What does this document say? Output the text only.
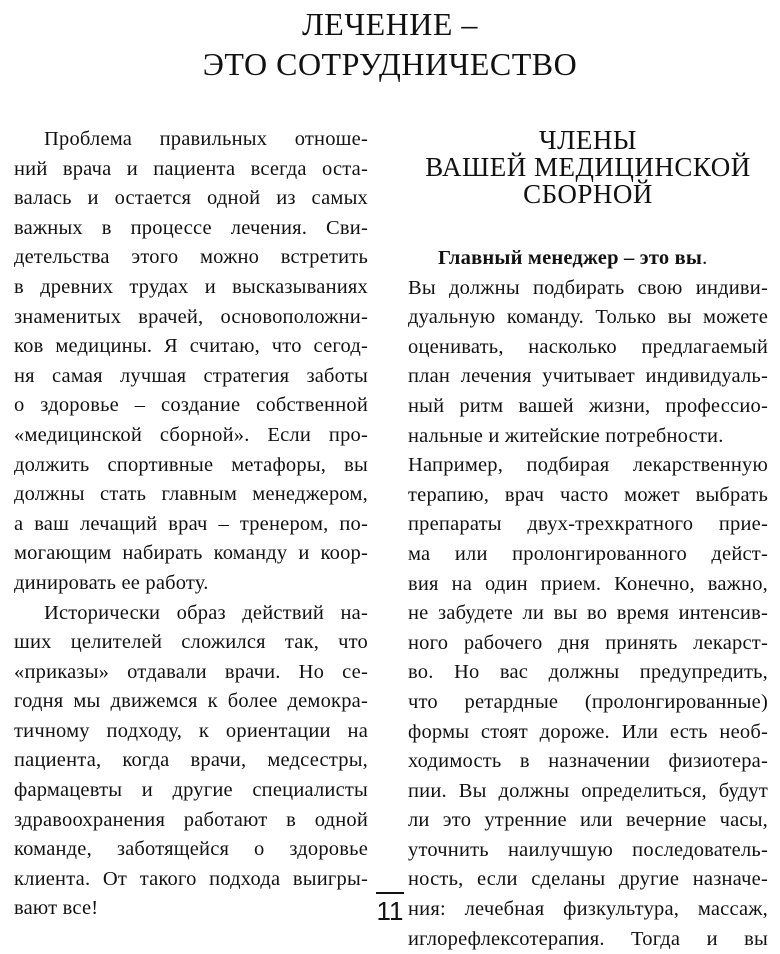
ЛЕЧЕНИЕ –
ЭТО СОТРУДНИЧЕСТВО
Проблема правильных отноше-
ний врача и пациента всегда оста-
валась и остается одной из самых
важных в процессе лечения. Сви-
детельства этого можно встретить
в древних трудах и высказываниях
знаменитых врачей, основоположни-
ков медицины. Я считаю, что сегод-
ня самая лучшая стратегия заботы
о здоровье – создание собственной
«медицинской сборной». Если про-
должить спортивные метафоры, вы
должны стать главным менеджером,
а ваш лечащий врач – тренером, по-
могающим набирать команду и коор-
динировать ее работу.
Исторически образ действий на-
ших целителей сложился так, что
«приказы» отдавали врачи. Но се-
годня мы движемся к более демокра-
тичному подходу, к ориентации на
пациента, когда врачи, медсестры,
фармацевты и другие специалисты
здравоохранения работают в одной
команде, заботящейся о здоровье
клиента. От такого подхода выигры-
вают все!
ЧЛЕНЫ
ВАШЕЙ МЕДИЦИНСКОЙ
СБОРНОЙ
Главный менеджер – это вы.
Вы должны подбирать свою индиви-
дуальную команду. Только вы можете
оценивать, насколько предлагаемый
план лечения учитывает индивидуаль-
ный ритм вашей жизни, профессио-
нальные и житейские потребности.
Например, подбирая лекарственную
терапию, врач часто может выбрать
препараты двух-трехкратного прие-
ма или пролонгированного дейст-
вия на один прием. Конечно, важно,
не забудете ли вы во время интенсив-
ного рабочего дня принять лекарст-
во. Но вас должны предупредить,
что ретардные (пролонгированные)
формы стоят дороже. Или есть необ-
ходимость в назначении физиотера-
пии. Вы должны определиться, будут
ли это утренние или вечерние часы,
уточнить наилучшую последователь-
ность, если сделаны другие назначе-
ния: лечебная физкультура, массаж,
иглорефлексотерапия. Тогда и вы
11
